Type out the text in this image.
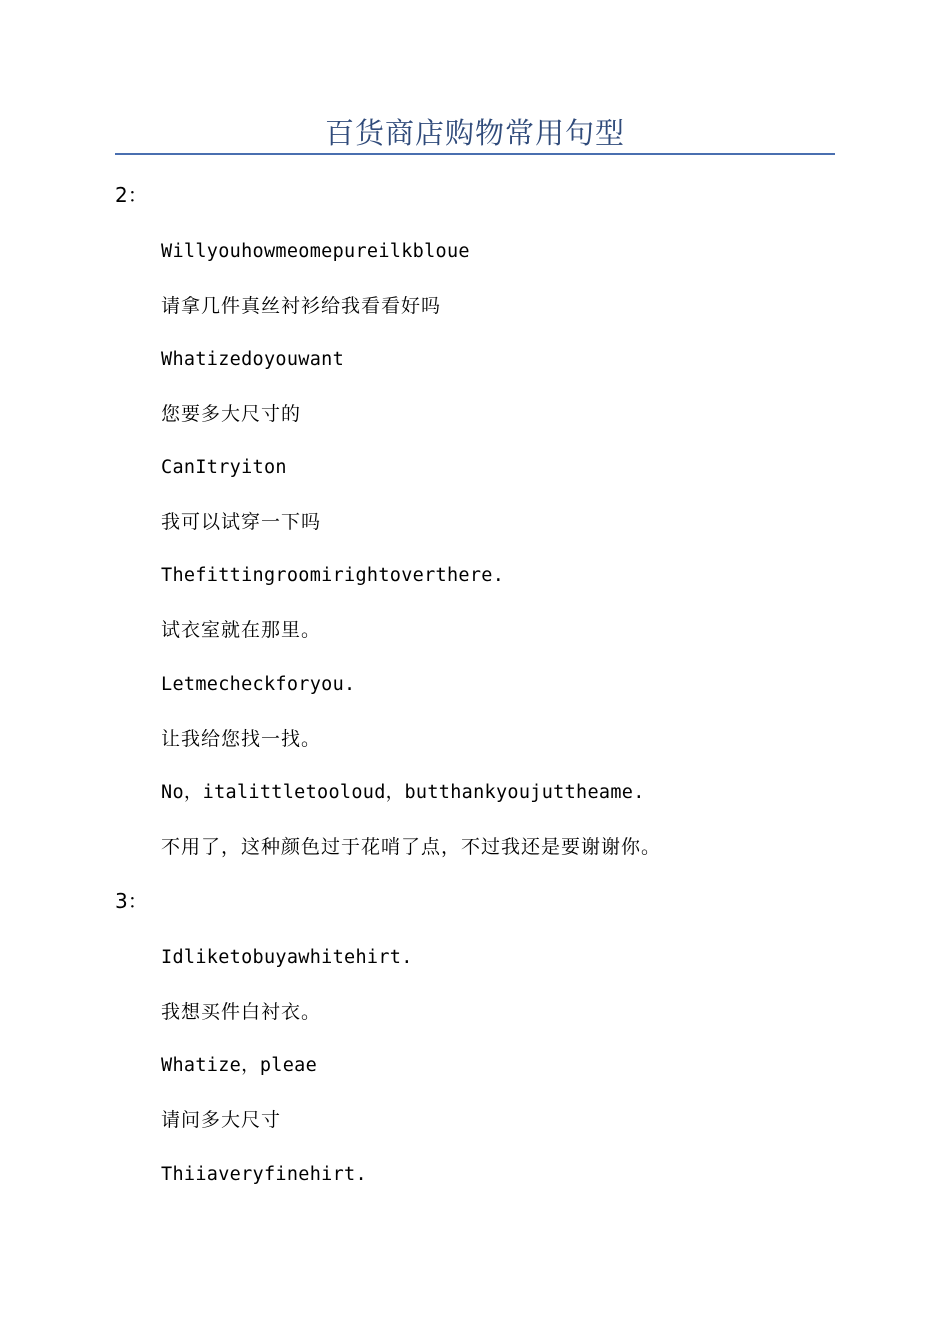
百货商店购物常用句型
2：
Willyouhowmeomepureilkbloue
请拿几件真丝衬衫给我看看好吗
Whatizedoyouwant
您要多大尺寸的
CanItryiton
我可以试穿一下吗
Thefittingroomirightoverthere.
试衣室就在那里。
Letmecheckforyou.
让我给您找一找。
No，italittletooloud，butthankyoujuttheame.
不用了，这种颜色过于花哨了点，不过我还是要谢谢你。
3：
Idliketobuyawhitehirt.
我想买件白衬衣。
Whatize，pleae
请问多大尺寸
Thiiaveryfinehirt.
